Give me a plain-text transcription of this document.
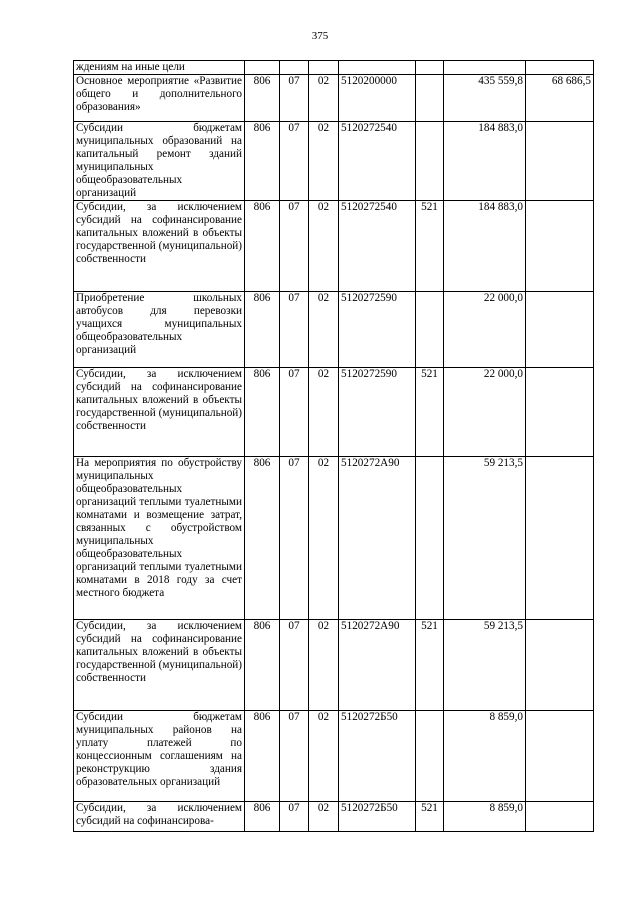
375
ждениям на иные цели							
Основное мероприятие «Развитие общего и дополнительного образования»	806	07	02	5120200000		435 559,8	68 686,5
Субсидии бюджетам муниципальных образований на капитальный ремонт зданий муниципальных общеобразовательных организаций	806	07	02	5120272540		184 883,0	
Субсидии, за исключением субсидий на софинансирование капитальных вложений в объекты государственной (муниципальной) собственности	806	07	02	5120272540	521	184 883,0	
Приобретение школьных автобусов для перевозки учащихся муниципальных общеобразовательных организаций	806	07	02	5120272590		22 000,0	
Субсидии, за исключением субсидий на софинансирование капитальных вложений в объекты государственной (муниципальной) собственности	806	07	02	5120272590	521	22 000,0	
На мероприятия по обустройству муниципальных общеобразовательных организаций теплыми туалетными комнатами и возмещение затрат, связанных с обустройством муниципальных общеобразовательных организаций теплыми туалетными комнатами в 2018 году за счет местного бюджета	806	07	02	5120272А90		59 213,5	
Субсидии, за исключением субсидий на софинансирование капитальных вложений в объекты государственной (муниципальной) собственности	806	07	02	5120272А90	521	59 213,5	
Субсидии бюджетам муниципальных районов на уплату платежей по концессионным соглашениям на реконструкцию здания образовательных организаций	806	07	02	5120272Б50		8 859,0	
Субсидии, за исключением субсидий на софинансирова-	806	07	02	5120272Б50	521	8 859,0	
